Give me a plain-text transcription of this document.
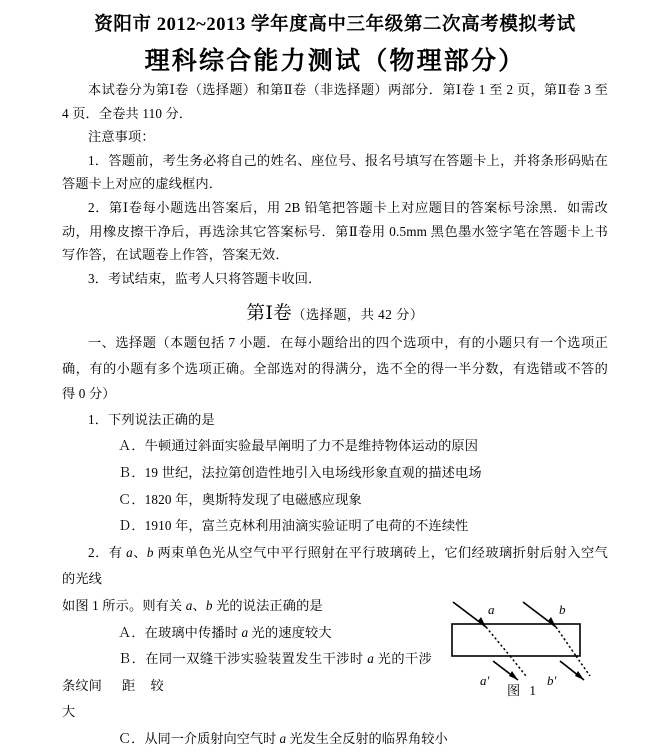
资阳市 2012~2013 学年度高中三年级第二次高考模拟考试
理科综合能力测试（物理部分）

本试卷分为第Ⅰ卷（选择题）和第Ⅱ卷（非选择题）两部分．第Ⅰ卷 1 至 2 页，第Ⅱ卷 3 至 4 页．全卷共 110 分．

注意事项：

1．答题前，考生务必将自己的姓名、座位号、报名号填写在答题卡上，并将条形码贴在答题卡上对应的虚线框内．

2．第Ⅰ卷每小题选出答案后，用 2B 铅笔把答题卡上对应题目的答案标号涂黑．如需改动，用橡皮擦干净后，再选涂其它答案标号．第Ⅱ卷用 0.5mm 黑色墨水签字笔在答题卡上书写作答，在试题卷上作答，答案无效．

3．考试结束，监考人只将答题卡收回．

第Ⅰ卷（选择题，共 42 分）

一、选择题（本题包括 7 小题．在每小题给出的四个选项中，有的小题只有一个选项正确，有的小题有多个选项正确。全部选对的得满分，选不全的得一半分数，有选错或不答的得 0 分）

1．下列说法正确的是

Ａ．牛顿通过斜面实验最早阐明了力不是维持物体运动的原因

Ｂ．19 世纪，法拉第创造性地引入电场线形象直观的描述电场

Ｃ．1820 年，奥斯特发现了电磁感应现象

Ｄ．1910 年，富兰克林利用油滴实验证明了电荷的不连续性

2．有 a、b 两束单色光从空气中平行照射在平行玻璃砖上，它们经玻璃折射后射入空气的光线

a	b
a'	b'
图 1

如图 1 所示。则有关 a、b 光的说法正确的是

Ａ．在玻璃中传播时 a 光的速度较大

Ｂ．在同一双缝干涉实验装置发生干涉时 a 光的干涉条纹间 距 较

大

Ｃ．从同一介质射向空气时 a 光发生全反射的临界角较小
